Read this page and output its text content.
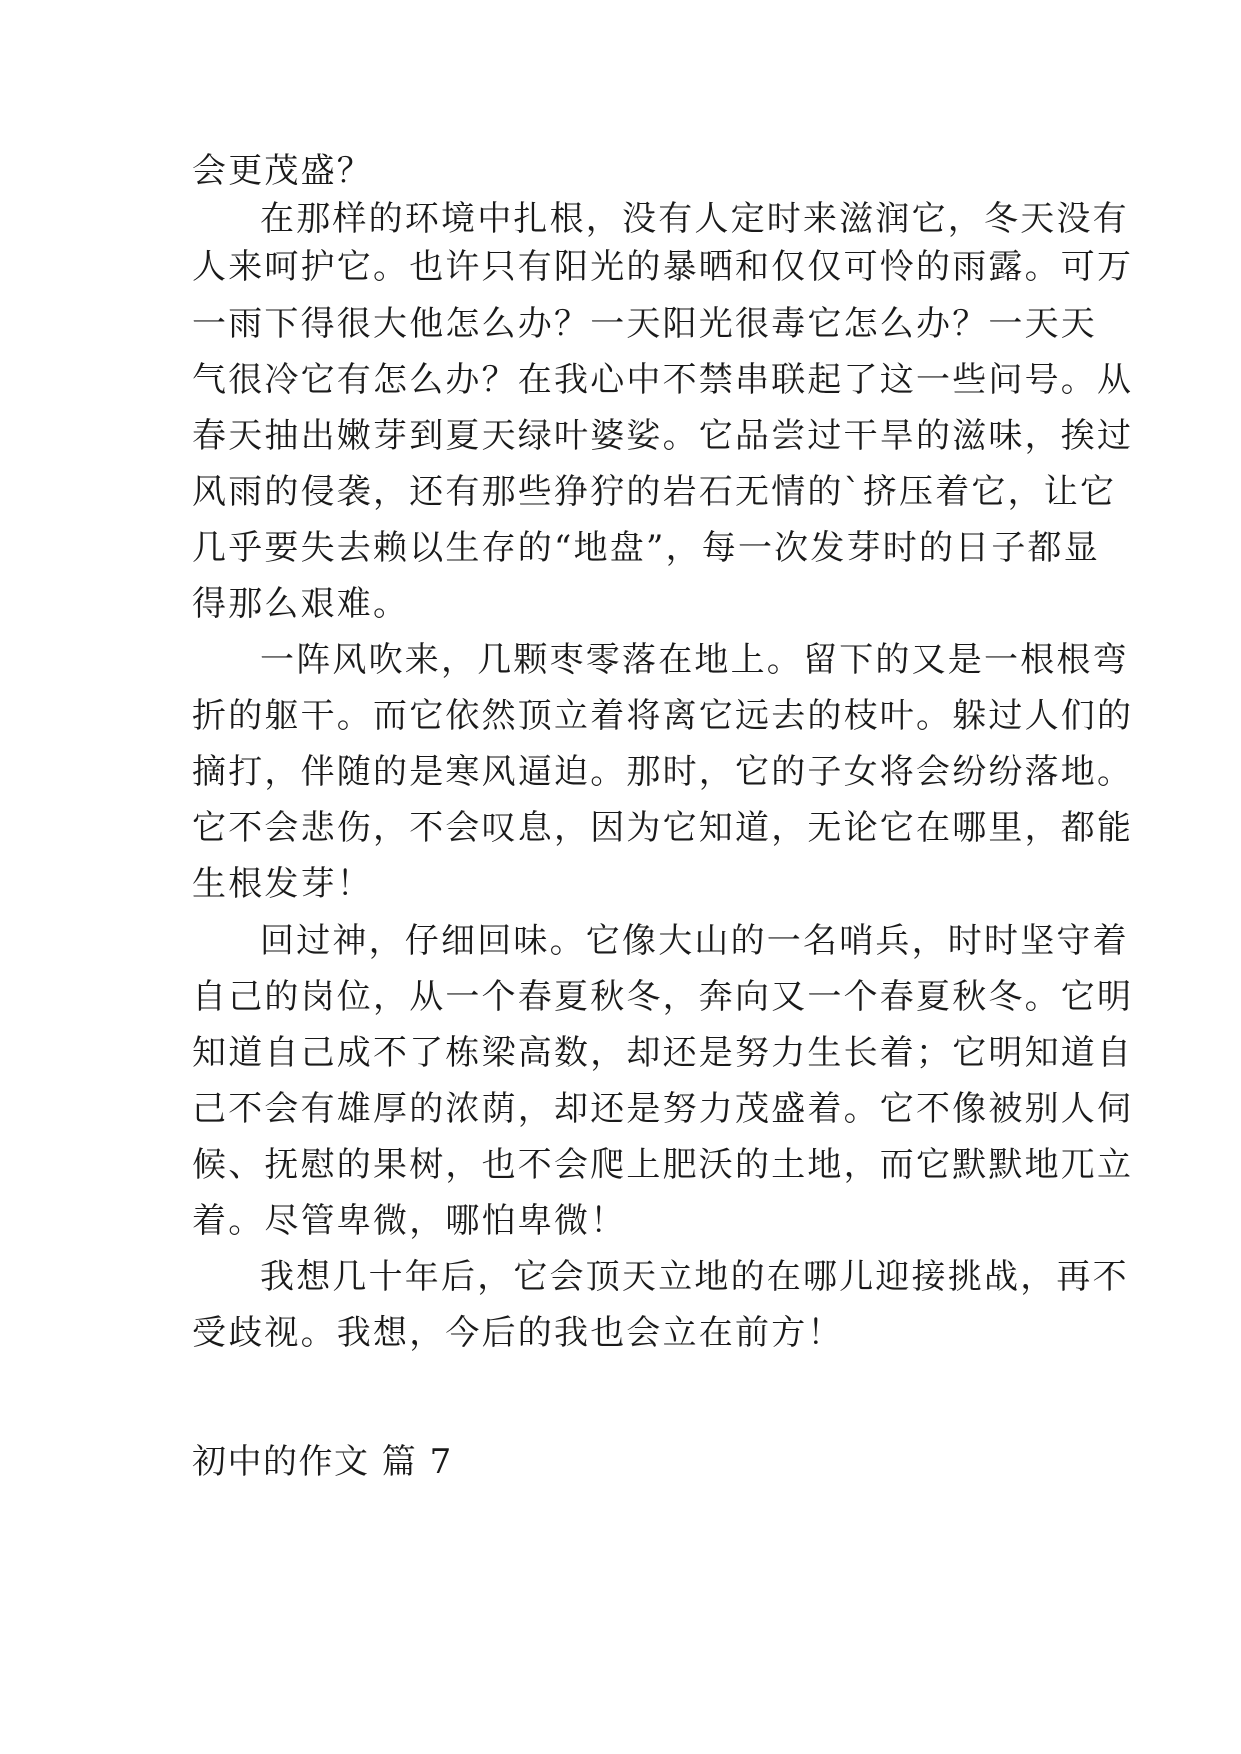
会更茂盛？
在那样的环境中扎根，没有人定时来滋润它，冬天没有
人来呵护它。也许只有阳光的暴晒和仅仅可怜的雨露。可万
一雨下得很大他怎么办？一天阳光很毒它怎么办？一天天
气很冷它有怎么办？在我心中不禁串联起了这一些问号。从
春天抽出嫩芽到夏天绿叶婆娑。它品尝过干旱的滋味，挨过
风雨的侵袭，还有那些狰狞的岩石无情的`挤压着它，让它
几乎要失去赖以生存的“地盘”，每一次发芽时的日子都显
得那么艰难。
一阵风吹来，几颗枣零落在地上。留下的又是一根根弯
折的躯干。而它依然顶立着将离它远去的枝叶。躲过人们的
摘打，伴随的是寒风逼迫。那时，它的子女将会纷纷落地。
它不会悲伤，不会叹息，因为它知道，无论它在哪里，都能
生根发芽！
回过神，仔细回味。它像大山的一名哨兵，时时坚守着
自己的岗位，从一个春夏秋冬，奔向又一个春夏秋冬。它明
知道自己成不了栋梁高数，却还是努力生长着；它明知道自
己不会有雄厚的浓荫，却还是努力茂盛着。它不像被别人伺
候、抚慰的果树，也不会爬上肥沃的土地，而它默默地兀立
着。尽管卑微，哪怕卑微！
我想几十年后，它会顶天立地的在哪儿迎接挑战，再不
受歧视。我想，今后的我也会立在前方！
初中的作文 篇 7
